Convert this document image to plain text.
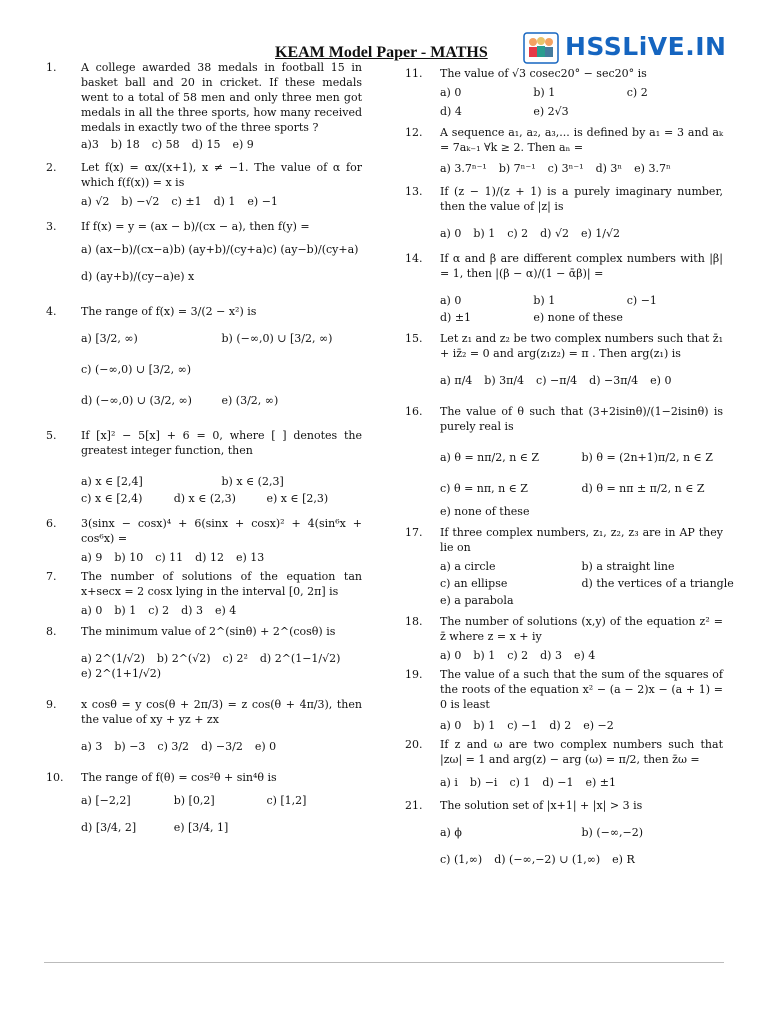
KEAM Model Paper - MATHS	HSSLiVE.IN
1. A college awarded 38 medals in football 15 in basket ball and 20 in cricket. If these medals went to a total of 58 men and only three men got medals in all the three sports, how many received medals in exactly two of the three sports ?
a)3	b) 18	c) 58	d) 15	e) 9
2. Let f(x) = αx/(x+1), x ≠ −1. The value of α for which f(f(x)) = x is
a) √2	b) −√2	c) ±1	d) 1	e) −1
3. If f(x) = y = (ax − b)/(cx − a), then f(y) =
a) (ax−b)/(cx−a) b) (ay+b)/(cy+a) c) (ay−b)/(cy+a)
d) (ay+b)/(cy−a) e) x
4. The range of f(x) = 3/(2 − x²) is
a) [3/2, ∞)	b) (−∞,0) ∪ [3/2, ∞)
c) (−∞,0) ∪ [3/2, ∞)
d) (−∞,0) ∪ (3/2, ∞)	e) (3/2, ∞)
5. If [x]² − 5[x] + 6 = 0, where [ ] denotes the greatest integer function, then
a) x ∈ [2,4]	b) x ∈ (2,3]
c) x ∈ [2,4)	d) x ∈ (2,3)	e) x ∈ [2,3)
6. 3(sinx − cosx)⁴ + 6(sinx + cosx)² + 4(sin⁶x + cos⁶x) =
a) 9	b) 10	c) 11	d) 12	e) 13
7. The number of solutions of the equation tan x+secx = 2 cosx lying in the interval [0, 2π] is
a) 0	b) 1	c) 2	d) 3	e) 4
8. The minimum value of 2^(sinθ) + 2^(cosθ) is
a) 2^(1/√2)	b) 2^(√2)	c) 2²	d) 2^(1−1/√2)
e) 2^(1+1/√2)
9. x cosθ = y cos(θ + 2π/3) = z cos(θ + 4π/3), then the value of xy + yz + zx
a) 3	b) −3	c) 3/2	d) −3/2	e) 0
10. The range of f(θ) = cos²θ + sin⁴θ is
a) [−2,2]	b) [0,2]	c) [1,2]
d) [3/4, 2]	e) [3/4, 1]
11. The value of √3 cosec20° − sec20° is
a) 0	b) 1	c) 2
d) 4	e) 2√3
12. A sequence a₁, a₂, a₃,... is defined by a₁ = 3 and aₖ = 7aₖ₋₁ ∀k ≥ 2. Then aₙ =
a) 3.7ⁿ⁻¹	b) 7ⁿ⁻¹	c) 3ⁿ⁻¹	d) 3ⁿ	e) 3.7ⁿ
13. If (z − 1)/(z + 1) is a purely imaginary number, then the value of |z| is
a) 0	b) 1	c) 2	d) √2	e) 1/√2
14. If α and β are different complex numbers with |β| = 1, then |(β − α)/(1 − ᾱβ)| =
a) 0	b) 1	c) −1
d) ±1	e) none of these
15. Let z₁ and z₂ be two complex numbers such that z̄₁ + iz̄₂ = 0 and arg(z₁z₂) = π . Then arg(z₁) is
a) π/4	b) 3π/4	c) −π/4	d) −3π/4	e) 0
16. The value of θ such that (3+2isinθ)/(1−2isinθ) is purely real is
a) θ = nπ/2, n ∈ Z	b) θ = (2n+1)π/2, n ∈ Z
c) θ = nπ, n ∈ Z	d) θ = nπ ± π/2, n ∈ Z
e) none of these
17. If three complex numbers, z₁, z₂, z₃ are in AP they lie on
a) a circle	b) a straight line
c) an ellipse	d) the vertices of a triangle
e) a parabola
18. The number of solutions (x,y) of the equation z² = z̄ where z = x + iy
a) 0	b) 1	c) 2	d) 3	e) 4
19. The value of a such that the sum of the squares of the roots of the equation x² − (a − 2)x − (a + 1) = 0 is least
a) 0	b) 1	c) −1	d) 2	e) −2
20. If z and ω are two complex numbers such that |zω| = 1 and arg(z) − arg (ω) = π/2, then z̄ω =
a) i	b) −i	c) 1	d) −1	e) ±1
21. The solution set of |x+1| + |x| > 3 is
a) ϕ	b) (−∞,−2)
c) (1,∞)	d) (−∞,−2) ∪ (1,∞)	e) R
